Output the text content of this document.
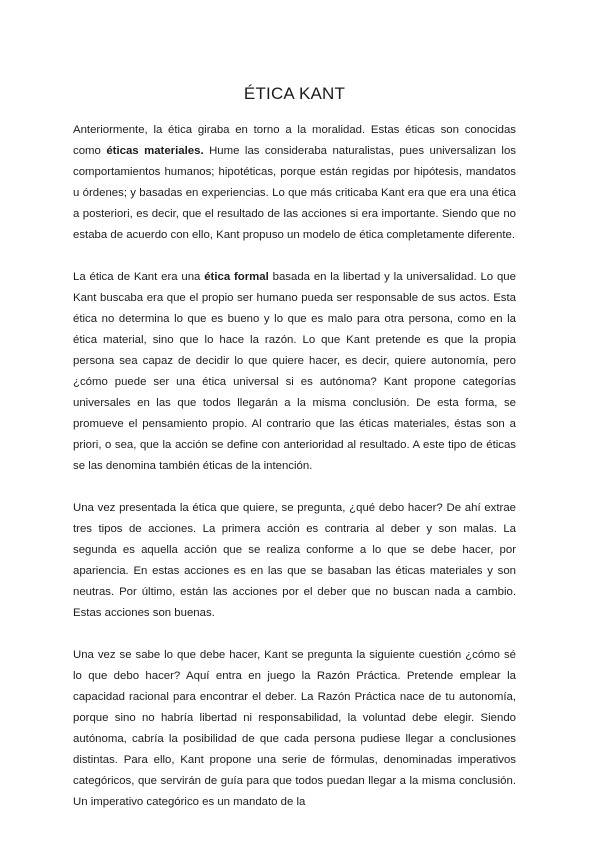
ÉTICA KANT

Anteriormente, la ética giraba en torno a la moralidad. Estas éticas son conocidas como éticas materiales. Hume las consideraba naturalistas, pues universalizan los comportamientos humanos; hipotéticas, porque están regidas por hipótesis, mandatos u órdenes; y basadas en experiencias. Lo que más criticaba Kant era que era una ética a posteriori, es decir, que el resultado de las acciones si era importante. Siendo que no estaba de acuerdo con ello, Kant propuso un modelo de ética completamente diferente.

La ética de Kant era una ética formal basada en la libertad y la universalidad. Lo que Kant buscaba era que el propio ser humano pueda ser responsable de sus actos. Esta ética no determina lo que es bueno y lo que es malo para otra persona, como en la ética material, sino que lo hace la razón. Lo que Kant pretende es que la propia persona sea capaz de decidir lo que quiere hacer, es decir, quiere autonomía, pero ¿cómo puede ser una ética universal si es autónoma? Kant propone categorías universales en las que todos llegarán a la misma conclusión. De esta forma, se promueve el pensamiento propio. Al contrario que las éticas materiales, éstas son a priori, o sea, que la acción se define con anterioridad al resultado. A este tipo de éticas se las denomina también éticas de la intención.

Una vez presentada la ética que quiere, se pregunta, ¿qué debo hacer? De ahí extrae tres tipos de acciones. La primera acción es contraria al deber y son malas. La segunda es aquella acción que se realiza conforme a lo que se debe hacer, por apariencia. En estas acciones es en las que se basaban las éticas materiales y son neutras. Por último, están las acciones por el deber que no buscan nada a cambio. Estas acciones son buenas.

Una vez se sabe lo que debe hacer, Kant se pregunta la siguiente cuestión ¿cómo sé lo que debo hacer? Aquí entra en juego la Razón Práctica. Pretende emplear la capacidad racional para encontrar el deber. La Razón Práctica nace de tu autonomía, porque sino no habría libertad ni responsabilidad, la voluntad debe elegir. Siendo autónoma, cabría la posibilidad de que cada persona pudiese llegar a conclusiones distintas. Para ello, Kant propone una serie de fórmulas, denominadas imperativos categóricos, que servirán de guía para que todos puedan llegar a la misma conclusión. Un imperativo categórico es un mandato de la
